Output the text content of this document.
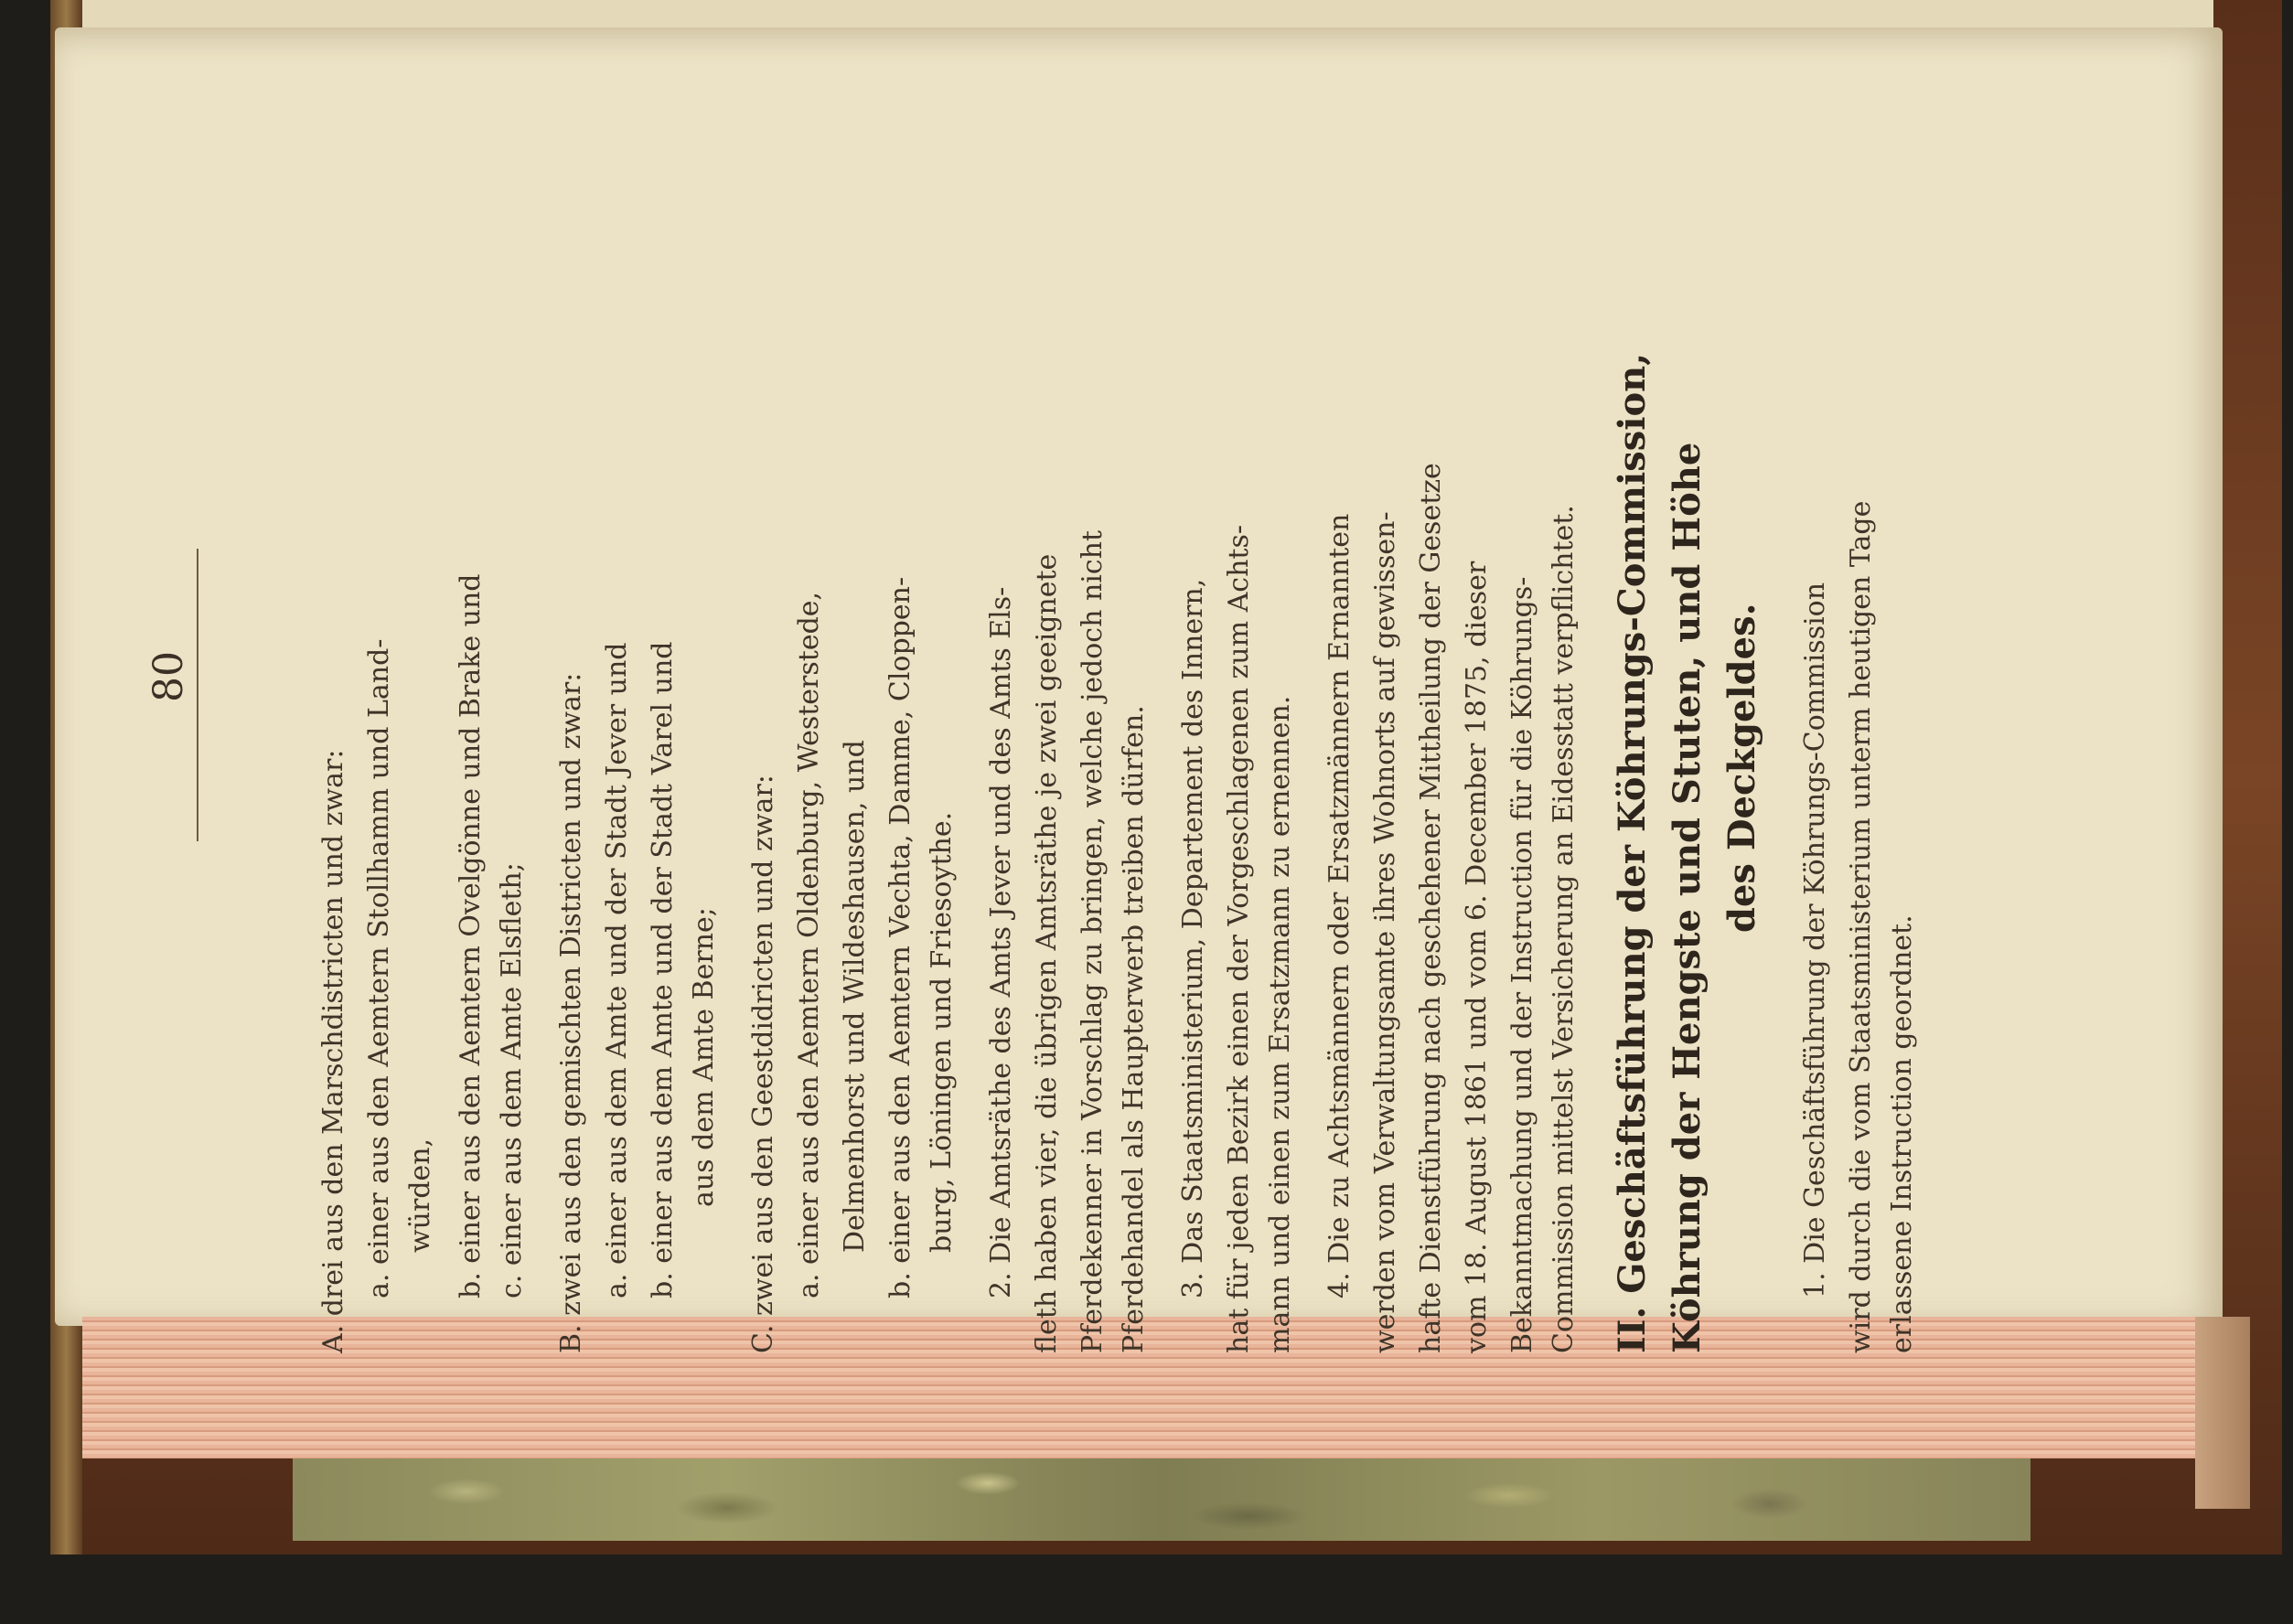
80
A. drei aus den Marschdistricten und zwar: a. einer aus den Aemtern Stollhamm und Land- würden, b. einer aus den Aemtern Ovelgönne und Brake und c. einer aus dem Amte Elsfleth; B. zwei aus den gemischten Districten und zwar: a. einer aus dem Amte und der Stadt Jever und b. einer aus dem Amte und der Stadt Varel und aus dem Amte Berne; C. zwei aus den Geestdidricten und zwar: a. einer aus den Aemtern Oldenburg, Westerstede, Delmenhorst und Wildeshausen, und b. einer aus den Aemtern Vechta, Damme, Cloppen- burg, Löningen und Friesoythe. 2. Die Amtsräthe des Amts Jever und des Amts Els- fleth haben vier, die übrigen Amtsräthe je zwei geeignete Pferdekenner in Vorschlag zu bringen, welche jedoch nicht Pferdehandel als Haupterwerb treiben dürfen. 3. Das Staatsministerium, Departement des Innern, hat für jeden Bezirk einen der Vorgeschlagenen zum Achts- mann und einen zum Ersatzmann zu ernennen. 4. Die zu Achtsmännern oder Ersatzmännern Ernannten werden vom Verwaltungsamte ihres Wohnorts auf gewissen- hafte Dienstführung nach geschehener Mittheilung der Gesetze vom 18. August 1861 und vom 6. December 1875, dieser Bekanntmachung und der Instruction für die Köhrungs- Commission mittelst Versicherung an Eidesstatt verpflichtet. II. Geschäftsführung der Köhrungs-Commission, Köhrung der Hengste und Stuten, und Höhe des Deckgeldes. 1. Die Geschäftsführung der Köhrungs-Commission wird durch die vom Staatsministerium unterm heutigen Tage erlassene Instruction geordnet.
